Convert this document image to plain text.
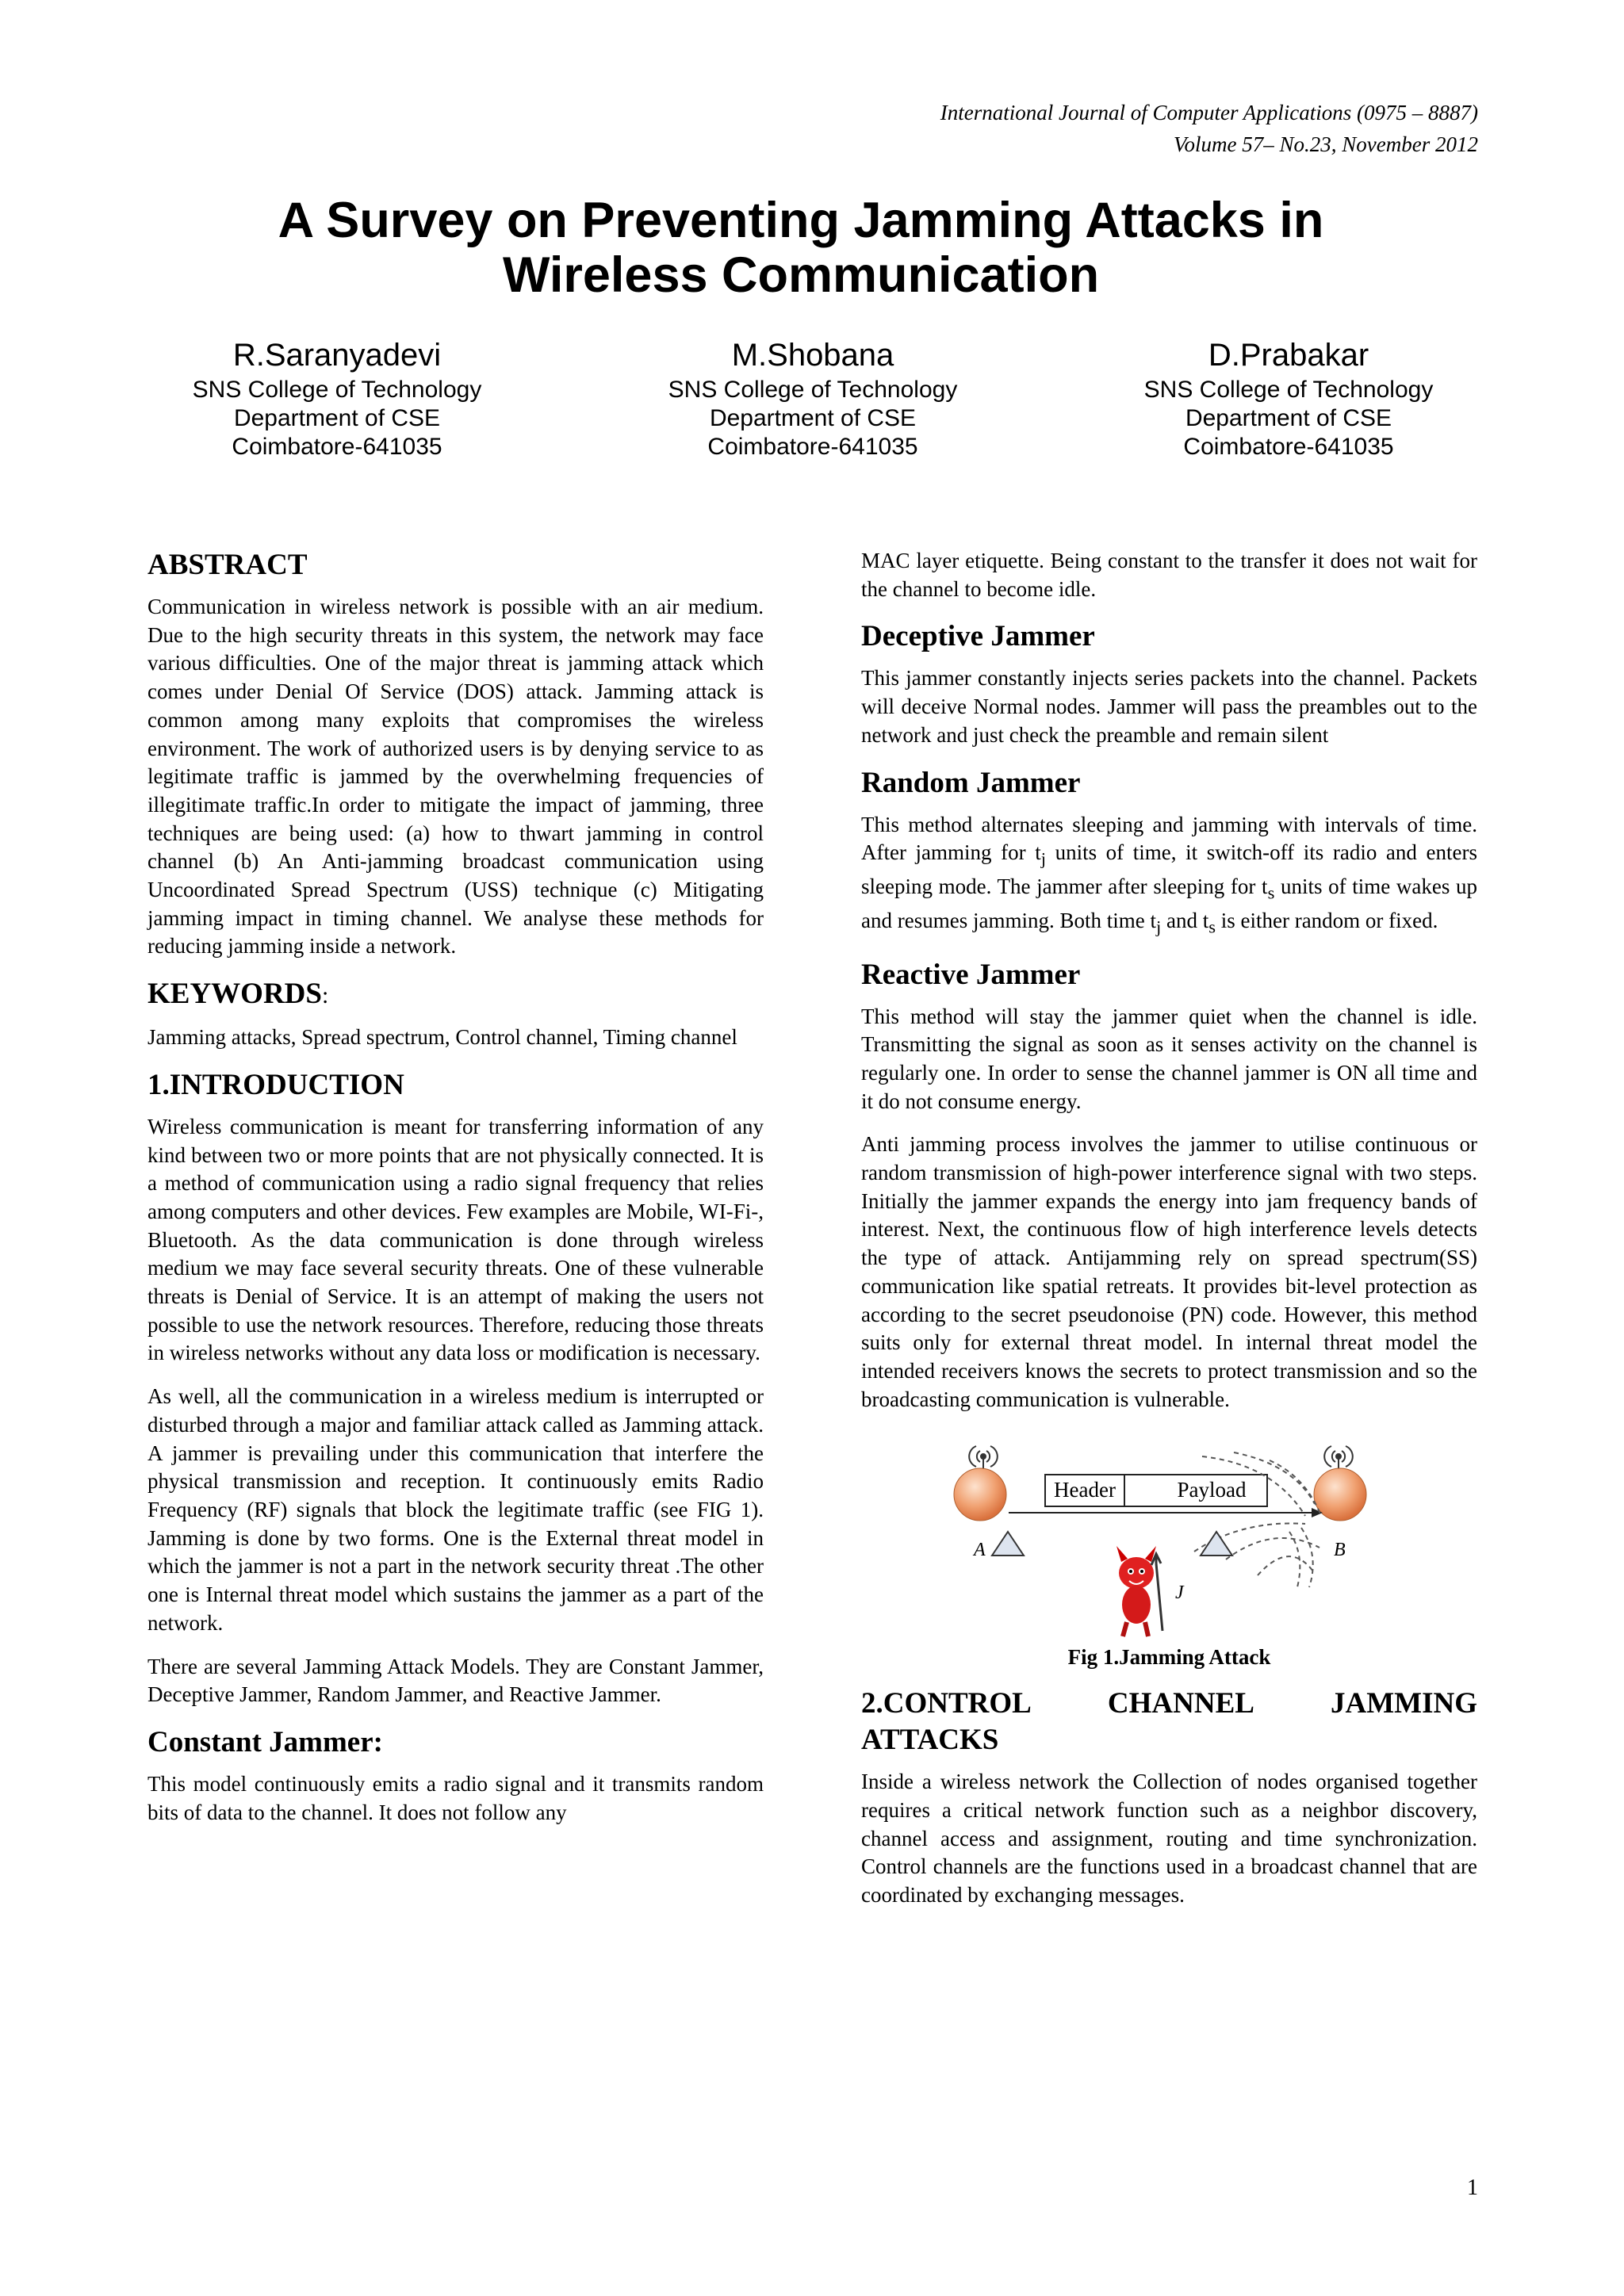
International Journal of Computer Applications (0975 – 8887)
Volume 57– No.23, November 2012
A Survey on Preventing Jamming Attacks in
Wireless Communication
R.Saranyadevi
SNS College of Technology
Department of CSE
Coimbatore-641035
M.Shobana
SNS College of Technology
Department of CSE
Coimbatore-641035
D.Prabakar
SNS College of Technology
Department of CSE
Coimbatore-641035
ABSTRACT

Communication in wireless network is possible with an air medium. Due to the high security threats in this system, the network may face various difficulties. One of the major threat is jamming attack which comes under Denial Of Service (DOS) attack. Jamming attack is common among many exploits that compromises the wireless environment. The work of authorized users is by denying service to as legitimate traffic is jammed by the overwhelming frequencies of illegitimate traffic.In order to mitigate the impact of jamming, three techniques are being used: (a) how to thwart jamming in control channel (b) An Anti-jamming broadcast communication using Uncoordinated Spread Spectrum (USS) technique (c) Mitigating jamming impact in timing channel. We analyse these methods for reducing jamming inside a network.

KEYWORDS:

Jamming attacks, Spread spectrum, Control channel, Timing channel

1.INTRODUCTION

Wireless communication is meant for transferring information of any kind between two or more points that are not physically connected. It is a method of communication using a radio signal frequency that relies among computers and other devices. Few examples are Mobile, WI-Fi-, Bluetooth. As the data communication is done through wireless medium we may face several security threats. One of these vulnerable threats is Denial of Service. It is an attempt of making the users not possible to use the network resources. Therefore, reducing those threats in wireless networks without any data loss or modification is necessary.

As well, all the communication in a wireless medium is interrupted or disturbed through a major and familiar attack called as Jamming attack. A jammer is prevailing under this communication that interfere the physical transmission and reception. It continuously emits Radio Frequency (RF) signals that block the legitimate traffic (see FIG 1). Jamming is done by two forms. One is the External threat model in which the jammer is not a part in the network security threat .The other one is Internal threat model which sustains the jammer as a part of the network.

There are several Jamming Attack Models. They are Constant Jammer, Deceptive Jammer, Random Jammer, and Reactive Jammer.

Constant Jammer:

This model continuously emits a radio signal and it transmits random bits of data to the channel. It does not follow any

MAC layer etiquette. Being constant to the transfer it does not wait for the channel to become idle.

Deceptive Jammer

This jammer constantly injects series packets into the channel. Packets will deceive Normal nodes. Jammer will pass the preambles out to the network and just check the preamble and remain silent

Random Jammer

This method alternates sleeping and jamming with intervals of time. After jamming for $t_j$ units of time, it switch-off its radio and enters sleeping mode. The jammer after sleeping for $t_s$ units of time wakes up and resumes jamming. Both time $t_j$ and $t_s$ is either random or fixed.

Reactive Jammer

This method will stay the jammer quiet when the channel is idle. Transmitting the signal as soon as it senses activity on the channel is regularly one. In order to sense the channel jammer is ON all time and it do not consume energy.

Anti jamming process involves the jammer to utilise continuous or random transmission of high-power interference signal with two steps. Initially the jammer expands the energy into jam frequency bands of interest. Next, the continuous flow of high interference levels detects the type of attack. Antijamming rely on spread spectrum(SS) communication like spatial retreats. It provides bit-level protection as according to the secret pseudonoise (PN) code. However, this method suits only for external threat model. In internal threat model the intended receivers knows the secrets to protect transmission and so the broadcasting communication is vulnerable.

Header	Payload
A	B
J
Fig 1.Jamming Attack
2.CONTROL	CHANNEL	JAMMING
ATTACKS

Inside a wireless network the Collection of nodes organised together requires a critical network function such as a neighbor discovery, channel access and assignment, routing and time synchronization. Control channels are the functions used in a broadcast channel that are coordinated by exchanging messages.

1
